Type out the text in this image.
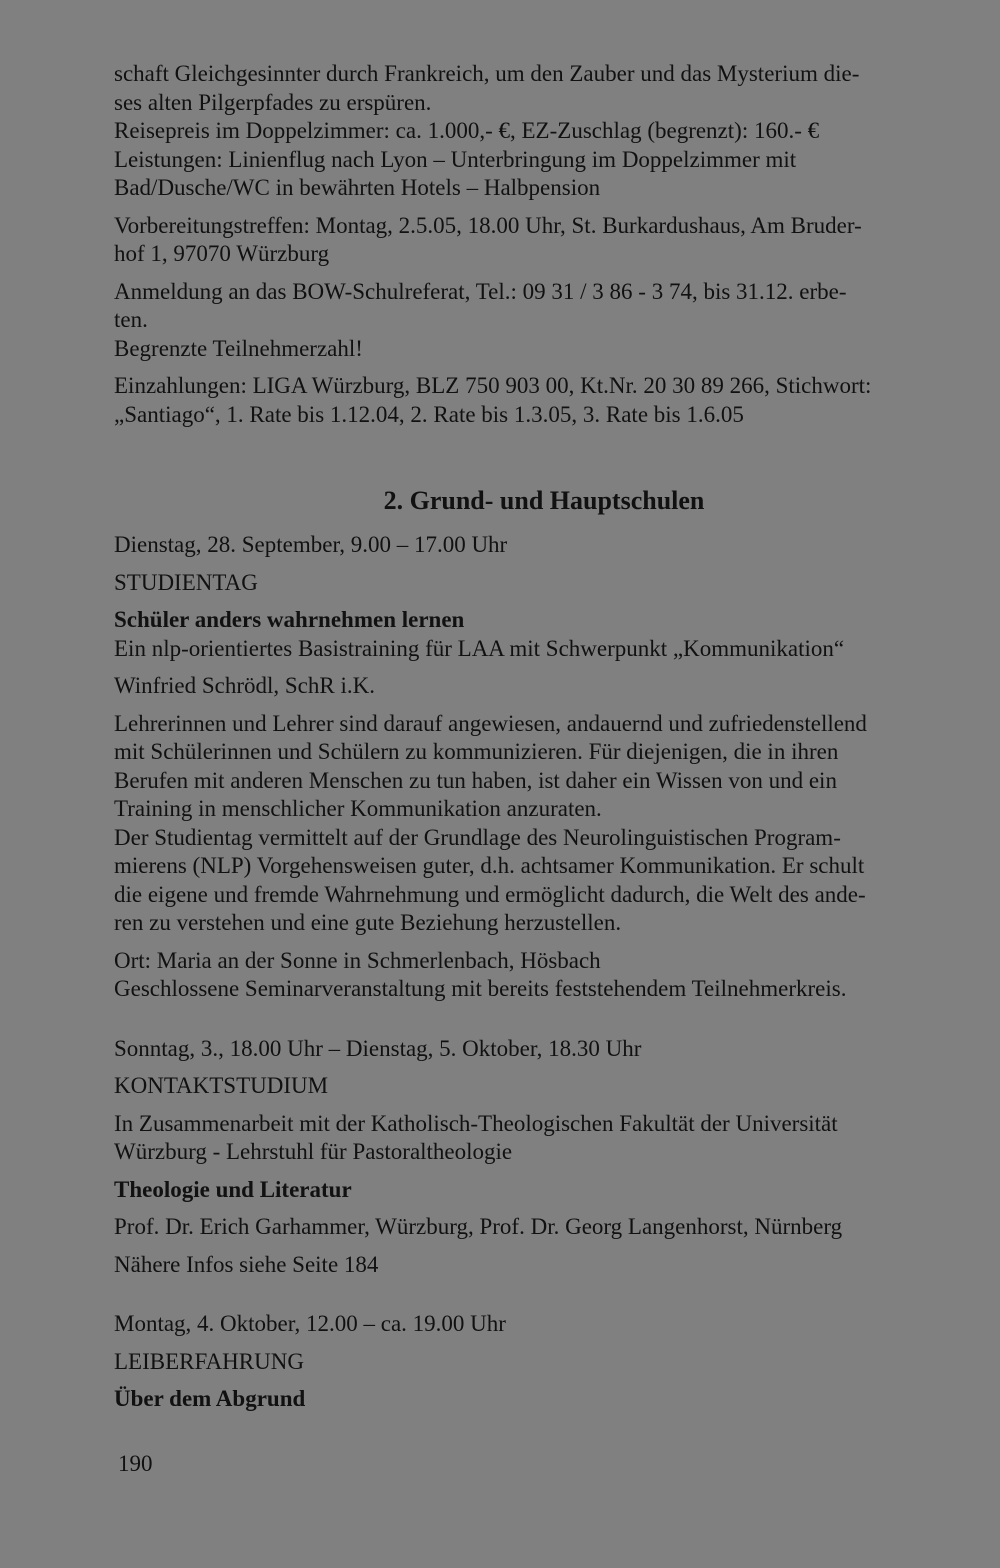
schaft Gleichgesinnter durch Frankreich, um den Zauber und das Mysterium die-

ses alten Pilgerpfades zu erspüren.

Reisepreis im Doppelzimmer: ca. 1.000,- €, EZ-Zuschlag (begrenzt): 160.- €

Leistungen: Linienflug nach Lyon – Unterbringung im Doppelzimmer mit

Bad/Dusche/WC in bewährten Hotels – Halbpension

Vorbereitungstreffen: Montag, 2.5.05, 18.00 Uhr, St. Burkardushaus, Am Bruder-

hof 1, 97070 Würzburg

Anmeldung an das BOW-Schulreferat, Tel.: 09 31 / 3 86 - 3 74, bis 31.12. erbe-

ten.

Begrenzte Teilnehmerzahl!

Einzahlungen: LIGA Würzburg, BLZ 750 903 00, Kt.Nr. 20 30 89 266, Stichwort:

„Santiago“, 1. Rate bis 1.12.04, 2. Rate bis 1.3.05, 3. Rate bis 1.6.05

2. Grund- und Hauptschulen

Dienstag, 28. September, 9.00 – 17.00 Uhr

STUDIENTAG

Schüler anders wahrnehmen lernen

Ein nlp-orientiertes Basistraining für LAA mit Schwerpunkt „Kommunikation“

Winfried Schrödl, SchR i.K.

Lehrerinnen und Lehrer sind darauf angewiesen, andauernd und zufriedenstellend

mit Schülerinnen und Schülern zu kommunizieren. Für diejenigen, die in ihren

Berufen mit anderen Menschen zu tun haben, ist daher ein Wissen von und ein

Training in menschlicher Kommunikation anzuraten.

Der Studientag vermittelt auf der Grundlage des Neurolinguistischen Program-

mierens (NLP) Vorgehensweisen guter, d.h. achtsamer Kommunikation. Er schult

die eigene und fremde Wahrnehmung und ermöglicht dadurch, die Welt des ande-

ren zu verstehen und eine gute Beziehung herzustellen.

Ort: Maria an der Sonne in Schmerlenbach, Hösbach

Geschlossene Seminarveranstaltung mit bereits feststehendem Teilnehmerkreis.

Sonntag, 3., 18.00 Uhr – Dienstag, 5. Oktober, 18.30 Uhr

KONTAKTSTUDIUM

In Zusammenarbeit mit der Katholisch-Theologischen Fakultät der Universität

Würzburg - Lehrstuhl für Pastoraltheologie

Theologie und Literatur

Prof. Dr. Erich Garhammer, Würzburg, Prof. Dr. Georg Langenhorst, Nürnberg

Nähere Infos siehe Seite 184

Montag, 4. Oktober, 12.00 – ca. 19.00 Uhr

LEIBERFAHRUNG

Über dem Abgrund

190
